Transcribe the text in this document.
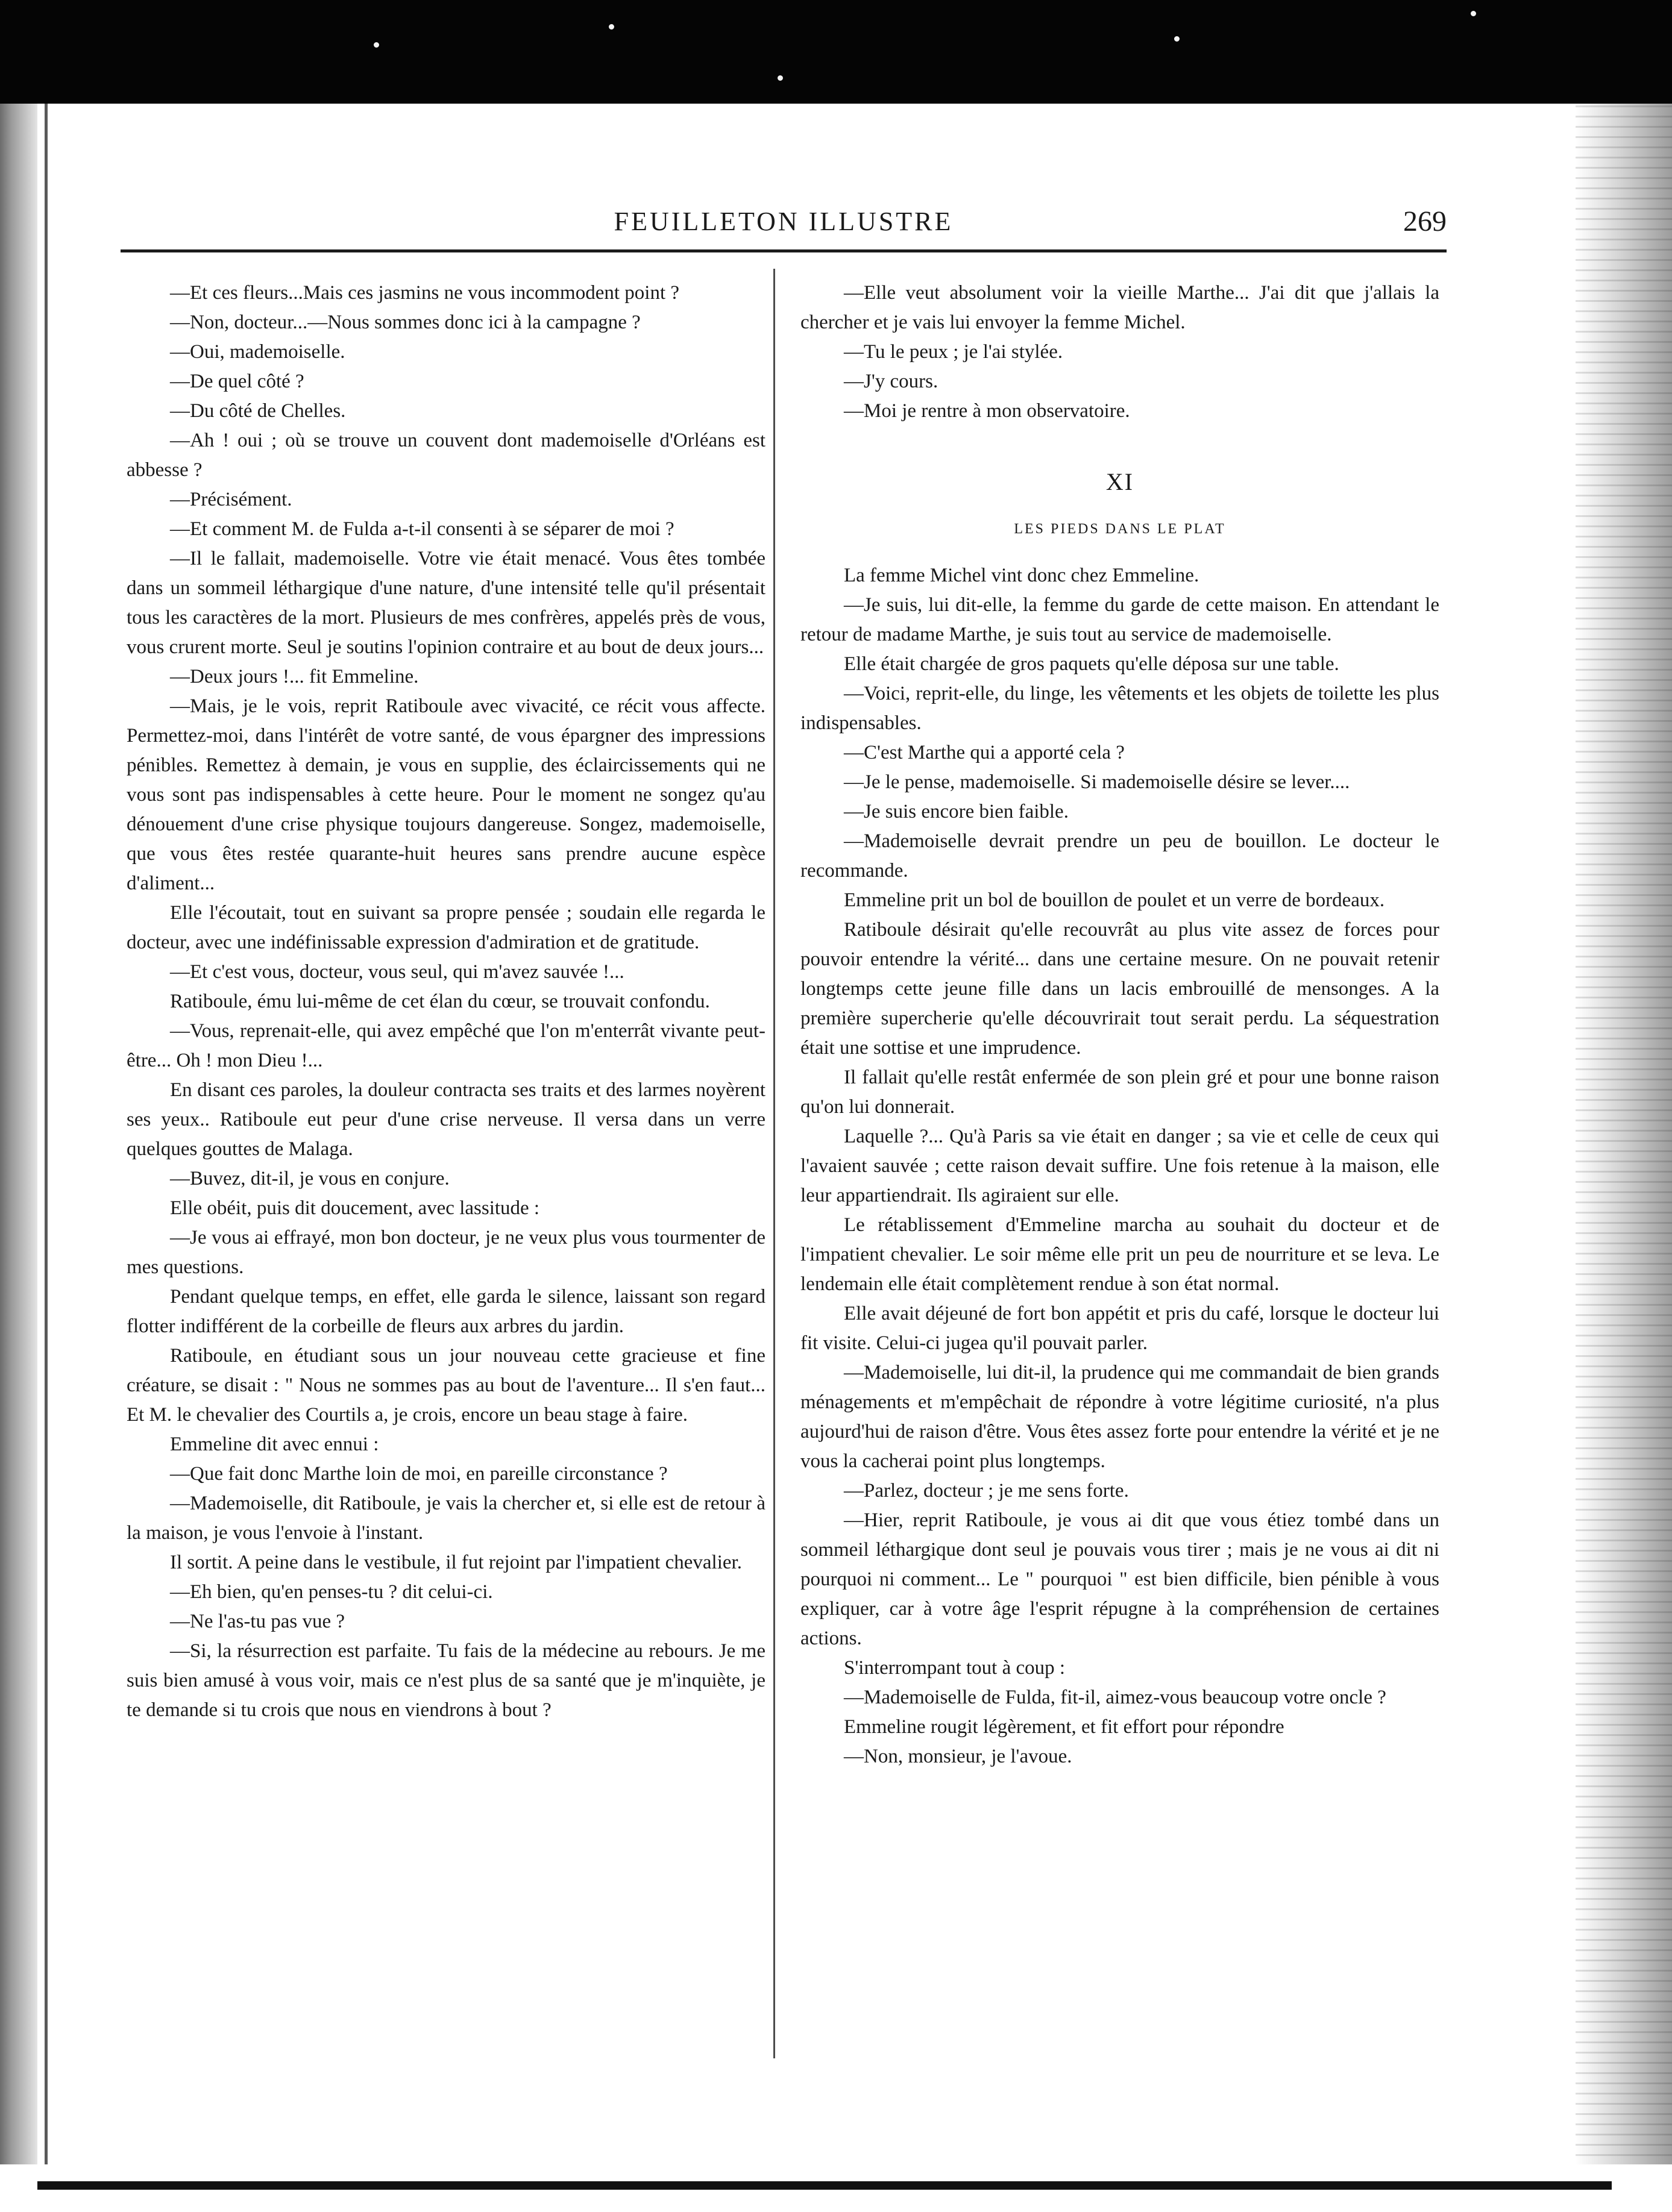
FEUILLETON ILLUSTRE	269

—Et ces fleurs...Mais ces jasmins ne vous incommodent point ?

—Non, docteur...—Nous sommes donc ici à la campagne ?

—Oui, mademoiselle.

—De quel côté ?

—Du côté de Chelles.

—Ah ! oui ; où se trouve un couvent dont mademoiselle d'Orléans est abbesse ?

—Précisément.

—Et comment M. de Fulda a-t-il consenti à se séparer de moi ?

—Il le fallait, mademoiselle. Votre vie était menacé. Vous êtes tombée dans un sommeil léthargique d'une nature, d'une intensité telle qu'il présentait tous les caractères de la mort. Plusieurs de mes confrères, appelés près de vous, vous crurent morte. Seul je soutins l'opinion contraire et au bout de deux jours...

—Deux jours !... fit Emmeline.

—Mais, je le vois, reprit Ratiboule avec vivacité, ce récit vous affecte. Permettez-moi, dans l'intérêt de votre santé, de vous épargner des impressions pénibles. Remettez à demain, je vous en supplie, des éclaircissements qui ne vous sont pas indispensables à cette heure. Pour le moment ne songez qu'au dénouement d'une crise physique toujours dangereuse. Songez, mademoiselle, que vous êtes restée quarante-huit heures sans prendre aucune espèce d'aliment...

Elle l'écoutait, tout en suivant sa propre pensée ; soudain elle regarda le docteur, avec une indéfinissable expression d'admiration et de gratitude.

—Et c'est vous, docteur, vous seul, qui m'avez sauvée !...

Ratiboule, ému lui-même de cet élan du cœur, se trouvait confondu.

—Vous, reprenait-elle, qui avez empêché que l'on m'enterrât vivante peut-être... Oh ! mon Dieu !...

En disant ces paroles, la douleur contracta ses traits et des larmes noyèrent ses yeux.. Ratiboule eut peur d'une crise nerveuse. Il versa dans un verre quelques gouttes de Malaga.

—Buvez, dit-il, je vous en conjure.

Elle obéit, puis dit doucement, avec lassitude :

—Je vous ai effrayé, mon bon docteur, je ne veux plus vous tourmenter de mes questions.

Pendant quelque temps, en effet, elle garda le silence, laissant son regard flotter indifférent de la corbeille de fleurs aux arbres du jardin.

Ratiboule, en étudiant sous un jour nouveau cette gracieuse et fine créature, se disait : " Nous ne sommes pas au bout de l'aventure... Il s'en faut... Et M. le chevalier des Courtils a, je crois, encore un beau stage à faire.

Emmeline dit avec ennui :

—Que fait donc Marthe loin de moi, en pareille circonstance ?

—Mademoiselle, dit Ratiboule, je vais la chercher et, si elle est de retour à la maison, je vous l'envoie à l'instant.

Il sortit. A peine dans le vestibule, il fut rejoint par l'impatient chevalier.

—Eh bien, qu'en penses-tu ? dit celui-ci.

—Ne l'as-tu pas vue ?

—Si, la résurrection est parfaite. Tu fais de la médecine au rebours. Je me suis bien amusé à vous voir, mais ce n'est plus de sa santé que je m'inquiète, je te demande si tu crois que nous en viendrons à bout ?

—Elle veut absolument voir la vieille Marthe... J'ai dit que j'allais la chercher et je vais lui envoyer la femme Michel.

—Tu le peux ; je l'ai stylée.

—J'y cours.

—Moi je rentre à mon observatoire.

XI
LES PIEDS DANS LE PLAT

La femme Michel vint donc chez Emmeline.

—Je suis, lui dit-elle, la femme du garde de cette maison. En attendant le retour de madame Marthe, je suis tout au service de mademoiselle.

Elle était chargée de gros paquets qu'elle déposa sur une table.

—Voici, reprit-elle, du linge, les vêtements et les objets de toilette les plus indispensables.

—C'est Marthe qui a apporté cela ?

—Je le pense, mademoiselle. Si mademoiselle désire se lever....

—Je suis encore bien faible.

—Mademoiselle devrait prendre un peu de bouillon. Le docteur le recommande.

Emmeline prit un bol de bouillon de poulet et un verre de bordeaux.

Ratiboule désirait qu'elle recouvrât au plus vite assez de forces pour pouvoir entendre la vérité... dans une certaine mesure. On ne pouvait retenir longtemps cette jeune fille dans un lacis embrouillé de mensonges. A la première supercherie qu'elle découvrirait tout serait perdu. La séquestration était une sottise et une imprudence.

Il fallait qu'elle restât enfermée de son plein gré et pour une bonne raison qu'on lui donnerait.

Laquelle ?... Qu'à Paris sa vie était en danger ; sa vie et celle de ceux qui l'avaient sauvée ; cette raison devait suffire. Une fois retenue à la maison, elle leur appartiendrait. Ils agiraient sur elle.

Le rétablissement d'Emmeline marcha au souhait du docteur et de l'impatient chevalier. Le soir même elle prit un peu de nourriture et se leva. Le lendemain elle était complètement rendue à son état normal.

Elle avait déjeuné de fort bon appétit et pris du café, lorsque le docteur lui fit visite. Celui-ci jugea qu'il pouvait parler.

—Mademoiselle, lui dit-il, la prudence qui me commandait de bien grands ménagements et m'empêchait de répondre à votre légitime curiosité, n'a plus aujourd'hui de raison d'être. Vous êtes assez forte pour entendre la vérité et je ne vous la cacherai point plus longtemps.

—Parlez, docteur ; je me sens forte.

—Hier, reprit Ratiboule, je vous ai dit que vous étiez tombé dans un sommeil léthargique dont seul je pouvais vous tirer ; mais je ne vous ai dit ni pourquoi ni comment... Le " pourquoi " est bien difficile, bien pénible à vous expliquer, car à votre âge l'esprit répugne à la compréhension de certaines actions.

S'interrompant tout à coup :

—Mademoiselle de Fulda, fit-il, aimez-vous beaucoup votre oncle ?

Emmeline rougit légèrement, et fit effort pour répondre

—Non, monsieur, je l'avoue.
